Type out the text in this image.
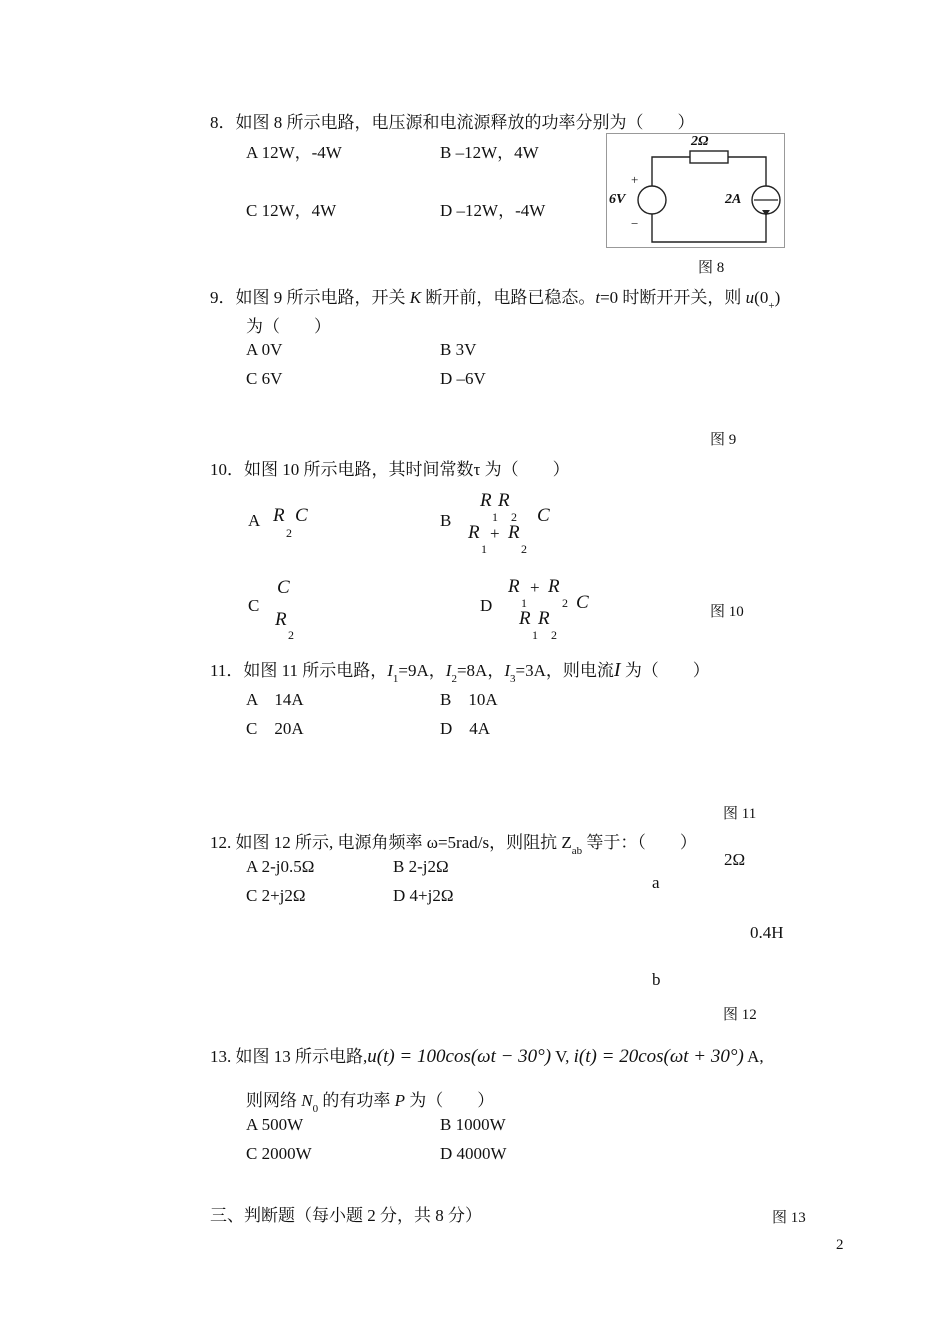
8．如图 8 所示电路，电压源和电流源释放的功率分别为（　　）
A 12W，-4W	B –12W，4W
C 12W，4W	D –12W，-4W
2Ω
+
6V
−
2A
图 8
9．如图 9 所示电路，开关 K 断开前，电路已稳态。t=0 时断开开关，则 $u(0_+)$
为（　　）
A 0V	B 3V
C 6V	D –6V
图 9
10．如图 10 所示电路，其时间常数τ 为（　　）
A R
2
C	B
R R
1 2
R + R
1	2
C
C
C
R
2
D
R + R
1	2
R R
1 2
C	图 10
11．如图 11 所示电路，$I_1=9A$，$I_2=8A$，$I_3=3A$，则电流I 为（　　）
A　14A	B　10A
C　20A	D　4A
图 11
12. 如图 12 所示, 电源角频率 ω=5rad/s，则阻抗 $Z_{ab}$ 等于：（　　）
A 2-j0.5Ω	B 2-j2Ω
C 2+j2Ω	D 4+j2Ω
2Ω
a
0.4H
b
图 12
13. 如图 13 所示电路,u(t) = 100cos(ωt − 30°) V, i(t) = 20cos(ωt + 30°) A,
则网络 $N_0$ 的有功率 P 为（　　）
A 500W	B 1000W
C 2000W	D 4000W
三、判断题（每小题 2 分，共 8 分）	图 13
2
